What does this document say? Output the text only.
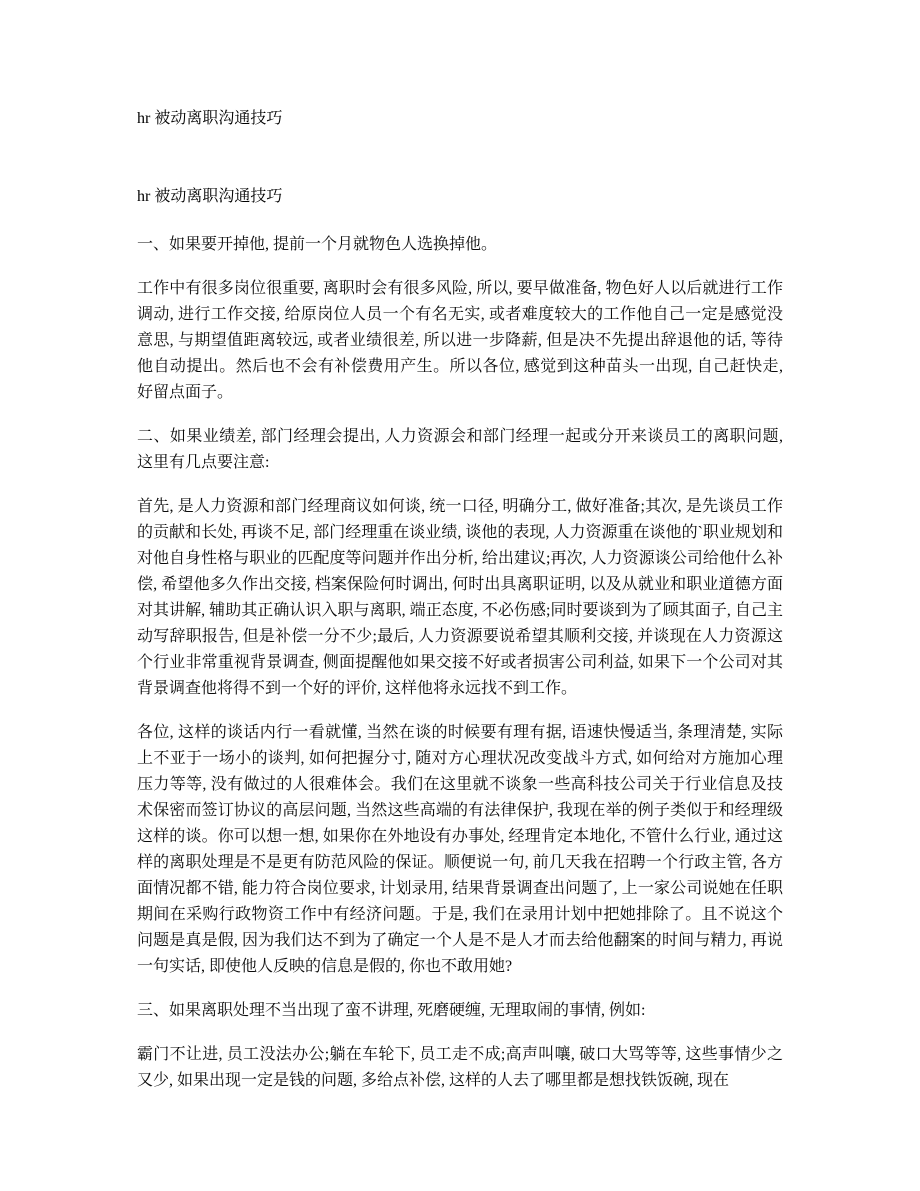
hr 被动离职沟通技巧

hr 被动离职沟通技巧

一、如果要开掉他, 提前一个月就物色人选换掉他。

工作中有很多岗位很重要, 离职时会有很多风险, 所以, 要早做准备, 物色好人以后就进行工作调动, 进行工作交接, 给原岗位人员一个有名无实, 或者难度较大的工作他自己一定是感觉没意思, 与期望值距离较远, 或者业绩很差, 所以进一步降薪, 但是决不先提出辞退他的话, 等待他自动提出。然后也不会有补偿费用产生。所以各位, 感觉到这种苗头一出现, 自己赶快走, 好留点面子。

二、如果业绩差, 部门经理会提出, 人力资源会和部门经理一起或分开来谈员工的离职问题, 这里有几点要注意:

首先, 是人力资源和部门经理商议如何谈, 统一口径, 明确分工, 做好准备;其次, 是先谈员工作的贡献和长处, 再谈不足, 部门经理重在谈业绩, 谈他的表现, 人力资源重在谈他的`职业规划和对他自身性格与职业的匹配度等问题并作出分析, 给出建议;再次, 人力资源谈公司给他什么补偿, 希望他多久作出交接, 档案保险何时调出, 何时出具离职证明, 以及从就业和职业道德方面对其讲解, 辅助其正确认识入职与离职, 端正态度, 不必伤感;同时要谈到为了顾其面子, 自己主动写辞职报告, 但是补偿一分不少;最后, 人力资源要说希望其顺利交接, 并谈现在人力资源这个行业非常重视背景调查, 侧面提醒他如果交接不好或者损害公司利益, 如果下一个公司对其背景调查他将得不到一个好的评价, 这样他将永远找不到工作。

各位, 这样的谈话内行一看就懂, 当然在谈的时候要有理有据, 语速快慢适当, 条理清楚, 实际上不亚于一场小的谈判, 如何把握分寸, 随对方心理状况改变战斗方式, 如何给对方施加心理压力等等, 没有做过的人很难体会。我们在这里就不谈象一些高科技公司关于行业信息及技术保密而签订协议的高层问题, 当然这些高端的有法律保护, 我现在举的例子类似于和经理级这样的谈。你可以想一想, 如果你在外地设有办事处, 经理肯定本地化, 不管什么行业, 通过这样的离职处理是不是更有防范风险的保证。顺便说一句, 前几天我在招聘一个行政主管, 各方面情况都不错, 能力符合岗位要求, 计划录用, 结果背景调查出问题了, 上一家公司说她在任职期间在采购行政物资工作中有经济问题。于是, 我们在录用计划中把她排除了。且不说这个问题是真是假, 因为我们达不到为了确定一个人是不是人才而去给他翻案的时间与精力, 再说一句实话, 即使他人反映的信息是假的, 你也不敢用她?

三、如果离职处理不当出现了蛮不讲理, 死磨硬缠, 无理取闹的事情, 例如:

霸门不让进, 员工没法办公;躺在车轮下, 员工走不成;高声叫嚷, 破口大骂等等, 这些事情少之又少, 如果出现一定是钱的问题, 多给点补偿, 这样的人去了哪里都是想找铁饭碗, 现在
